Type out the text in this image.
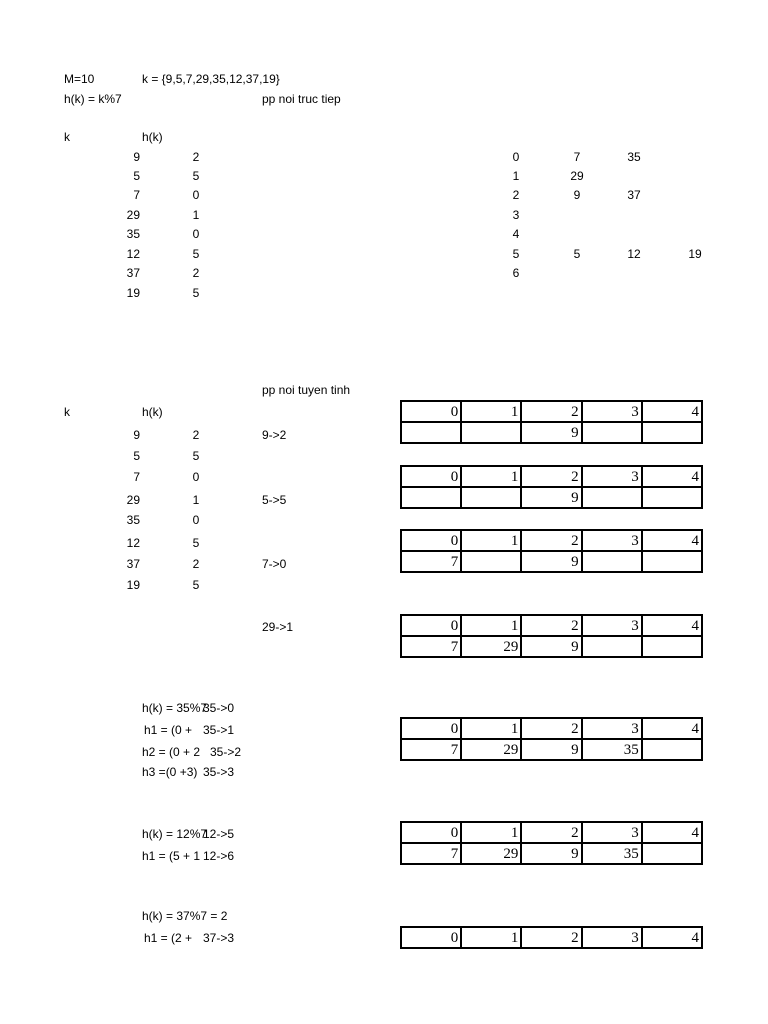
M=10	k = {9,5,7,29,35,12,37,19}
h(k) = k%7	pp noi truc tiep
k	h(k)
9	2
5	5
7	0
29	1
35	0
12	5
37	2
19	5
0	7	35
1	29
2	9	37
3
4
5	5	12	19
6
pp noi tuyen tinh
k	h(k)
9	2
5	5
7	0
29	1
35	0
12	5
37	2
19	5
9->2
5->5
7->0
29->1
h(k) = 35%7
35->0
h1 = (0 + 35->1
h2 = (0 + 2 35->2
h3 =(0 +3) 35->3
h(k) = 12%7
12->5
h1 = (5 + 1 12->6
h(k) = 37%7 = 2
h1 = (2 + 37->3
0	1	2	3	4
		9		
0	1	2	3	4
		9		
0	1	2	3	4
7		9		
0	1	2	3	4
7	29	9		
0	1	2	3	4
7	29	9	35	
0	1	2	3	4
7	29	9	35	
0	1	2	3	4
